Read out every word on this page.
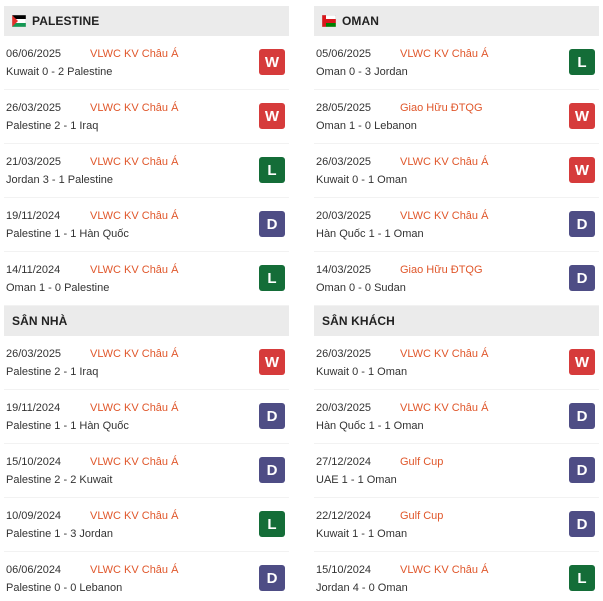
PALESTINE
06/06/2025	VLWC KV Châu Á
Kuwait 0 - 2 Palestine
W
26/03/2025	VLWC KV Châu Á
Palestine 2 - 1 Iraq
W
21/03/2025	VLWC KV Châu Á
Jordan 3 - 1 Palestine
L
19/11/2024	VLWC KV Châu Á
Palestine 1 - 1 Hàn Quốc
D
14/11/2024	VLWC KV Châu Á
Oman 1 - 0 Palestine
L
SÂN NHÀ
26/03/2025	VLWC KV Châu Á
Palestine 2 - 1 Iraq
W
19/11/2024	VLWC KV Châu Á
Palestine 1 - 1 Hàn Quốc
D
15/10/2024	VLWC KV Châu Á
Palestine 2 - 2 Kuwait
D
10/09/2024	VLWC KV Châu Á
Palestine 1 - 3 Jordan
L
06/06/2024	VLWC KV Châu Á
Palestine 0 - 0 Lebanon
D
OMAN
05/06/2025	VLWC KV Châu Á
Oman 0 - 3 Jordan
L
28/05/2025	Giao Hữu ĐTQG
Oman 1 - 0 Lebanon
W
26/03/2025	VLWC KV Châu Á
Kuwait 0 - 1 Oman
W
20/03/2025	VLWC KV Châu Á
Hàn Quốc 1 - 1 Oman
D
14/03/2025	Giao Hữu ĐTQG
Oman 0 - 0 Sudan
D
SÂN KHÁCH
26/03/2025	VLWC KV Châu Á
Kuwait 0 - 1 Oman
W
20/03/2025	VLWC KV Châu Á
Hàn Quốc 1 - 1 Oman
D
27/12/2024	Gulf Cup
UAE 1 - 1 Oman
D
22/12/2024	Gulf Cup
Kuwait 1 - 1 Oman
D
15/10/2024	VLWC KV Châu Á
Jordan 4 - 0 Oman
L
